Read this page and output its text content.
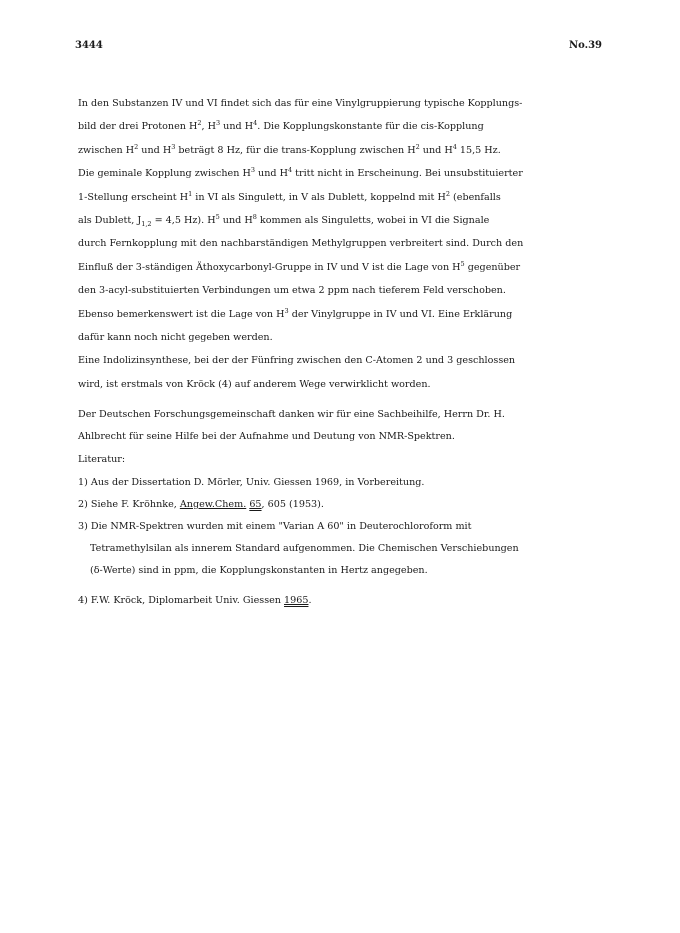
3444	No.39

In den Substanzen IV und VI findet sich das für eine Vinylgruppierung typische Kopplungs-

bild der drei Protonen $H^2$, $H^3$ und $H^4$. Die Kopplungskonstante für die cis-Kopplung

zwischen $H^2$ und $H^3$ beträgt 8 Hz, für die trans-Kopplung zwischen $H^2$ und $H^4$ 15,5 Hz.

Die geminale Kopplung zwischen $H^3$ und $H^4$ tritt nicht in Erscheinung. Bei unsubstituierter

1-Stellung erscheint $H^1$ in VI als Singulett, in V als Dublett, koppelnd mit $H^2$ (ebenfalls

als Dublett, $J_{1,2} = 4,5$ Hz). $H^5$ und $H^8$ kommen als Singuletts, wobei in VI die Signale

durch Fernkopplung mit den nachbarständigen Methylgruppen verbreitert sind. Durch den

Einfluß der 3-ständigen Äthoxycarbonyl-Gruppe in IV und V ist die Lage von $H^5$ gegenüber

den 3-acyl-substituierten Verbindungen um etwa 2 ppm nach tieferem Feld verschoben.

Ebenso bemerkenswert ist die Lage von $H^3$ der Vinylgruppe in IV und VI. Eine Erklärung

dafür kann noch nicht gegeben werden.

Eine Indolizinsynthese, bei der der Fünfring zwischen den C-Atomen 2 und 3 geschlossen

wird, ist erstmals von Kröck (4) auf anderem Wege verwirklicht worden.

Der Deutschen Forschungsgemeinschaft danken wir für eine Sachbeihilfe, Herrn Dr. H.

Ahlbrecht für seine Hilfe bei der Aufnahme und Deutung von NMR-Spektren.

Literatur:

1) Aus der Dissertation D. Mörler, Univ. Giessen 1969, in Vorbereitung.

2) Siehe F. Kröhnke, Angew.Chem. 65, 605 (1953).

3) Die NMR-Spektren wurden mit einem "Varian A 60" in Deuterochloroform mit

Tetramethylsilan als innerem Standard aufgenommen. Die Chemischen Verschiebungen

(δ-Werte) sind in ppm, die Kopplungskonstanten in Hertz angegeben.

4) F.W. Kröck, Diplomarbeit Univ. Giessen 1965.
